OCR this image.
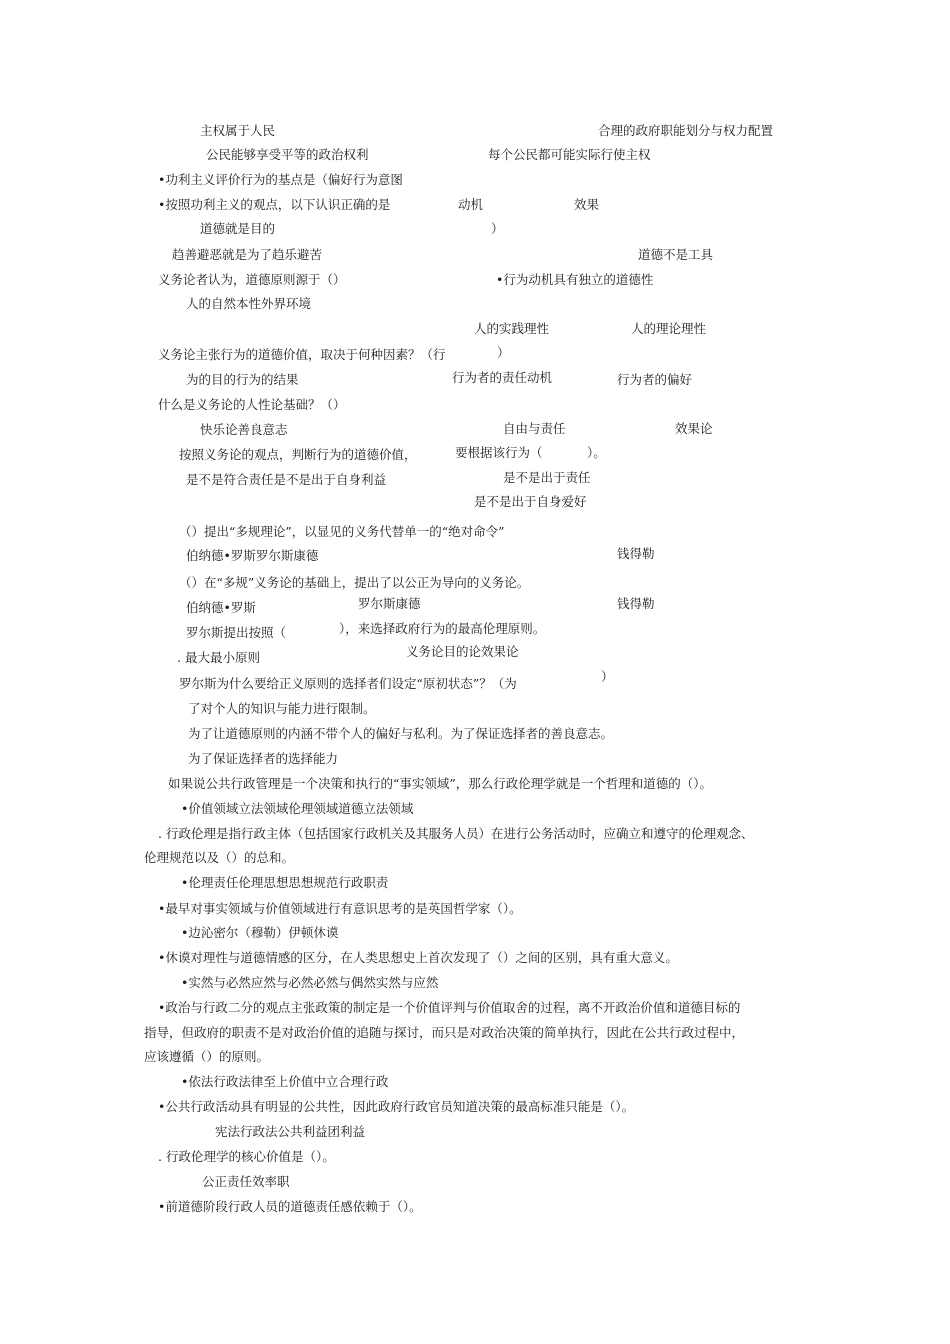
主权属于人民	合理的政府职能划分与权力配置
公民能够享受平等的政治权利	每个公民都可能实际行使主权
•功利主义评价行为的基点是（偏好行为意图
•按照功利主义的观点，以下认识正确的是	动机	效果
道德就是目的	）
趋善避恶就是为了趋乐避苦	道德不是工具
义务论者认为，道德原则源于（）	•行为动机具有独立的道德性
人的自然本性外界环境
人的实践理性	人的理论理性
义务论主张行为的道德价值，取决于何种因素？（行	）
为的目的行为的结果	行为者的责任动机	行为者的偏好
什么是义务论的人性论基础？（）
快乐论善良意志	自由与责任	效果论
按照义务论的观点，判断行为的道德价值，	要根据该行为（	）。
是不是符合责任是不是出于自身利益	是不是出于责任
是不是出于自身爱好
（）提出“多规理论”，以显见的义务代替单一的“绝对命令”
伯纳德•罗斯罗尔斯康德	钱得勒
（）在“多规”义务论的基础上，提出了以公正为导向的义务论。
伯纳德•罗斯	罗尔斯康德	钱得勒
罗尔斯提出按照（	），来选择政府行为的最高伦理原则。
. 最大最小原则	义务论目的论效果论
罗尔斯为什么要给正义原则的选择者们设定“原初状态”？（为	）
了对个人的知识与能力进行限制。
为了让道德原则的内涵不带个人的偏好与私利。为了保证选择者的善良意志。
为了保证选择者的选择能力
如果说公共行政管理是一个决策和执行的“事实领域”，那么行政伦理学就是一个哲理和道德的（）。
•价值领域立法领域伦理领域道德立法领域
. 行政伦理是指行政主体（包括国家行政机关及其服务人员）在进行公务活动时，应确立和遵守的伦理观念、
伦理规范以及（）的总和。
•伦理责任伦理思想思想规范行政职责
•最早对事实领域与价值领域进行有意识思考的是英国哲学家（）。
•边沁密尔（穆勒）伊顿休谟
•休谟对理性与道德情感的区分，在人类思想史上首次发现了（）之间的区别，具有重大意义。
•实然与必然应然与必然必然与偶然实然与应然
•政治与行政二分的观点主张政策的制定是一个价值评判与价值取舍的过程，离不开政治价值和道德目标的
指导，但政府的职责不是对政治价值的追随与探讨，而只是对政治决策的简单执行，因此在公共行政过程中，
应该遵循（）的原则。
•依法行政法律至上价值中立合理行政
•公共行政活动具有明显的公共性，因此政府行政官员知道决策的最高标准只能是（）。
宪法行政法公共利益团利益
. 行政伦理学的核心价值是（）。
公正责任效率职
•前道德阶段行政人员的道德责任感依赖于（）。
